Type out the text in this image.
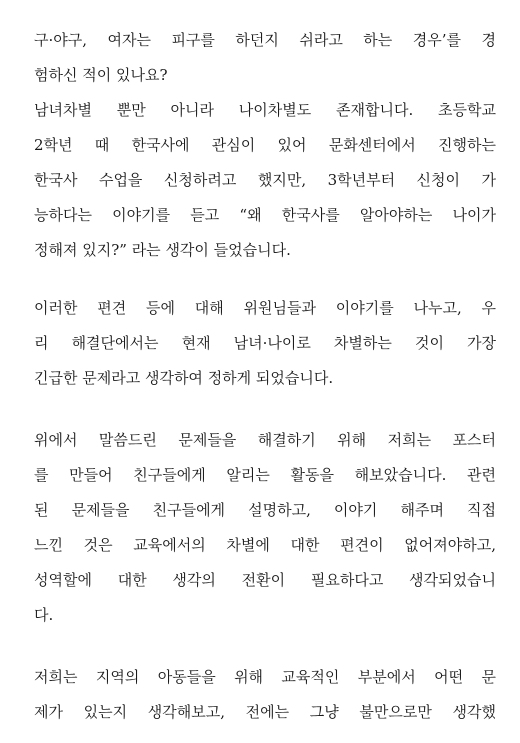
구·야구, 여자는 피구를 하던지 쉬라고 하는 경우’를 경
험하신 적이 있나요?
남녀차별 뿐만 아니라 나이차별도 존재합니다. 초등학교
2학년 때 한국사에 관심이 있어 문화센터에서 진행하는
한국사 수업을 신청하려고 했지만, 3학년부터 신청이 가
능하다는 이야기를 듣고 “왜 한국사를 알아야하는 나이가
정해져 있지?” 라는 생각이 들었습니다.
이러한 편견 등에 대해 위원님들과 이야기를 나누고, 우
리 해결단에서는 현재 남녀·나이로 차별하는 것이 가장
긴급한 문제라고 생각하여 정하게 되었습니다.
위에서 말씀드린 문제들을 해결하기 위해 저희는 포스터
를 만들어 친구들에게 알리는 활동을 해보았습니다. 관련
된 문제들을 친구들에게 설명하고, 이야기 해주며 직접
느낀 것은 교육에서의 차별에 대한 편견이 없어져야하고,
성역할에 대한 생각의 전환이 필요하다고 생각되었습니
다.
저희는 지역의 아동들을 위해 교육적인 부분에서 어떤 문
제가 있는지 생각해보고, 전에는 그냥 불만으로만 생각했
